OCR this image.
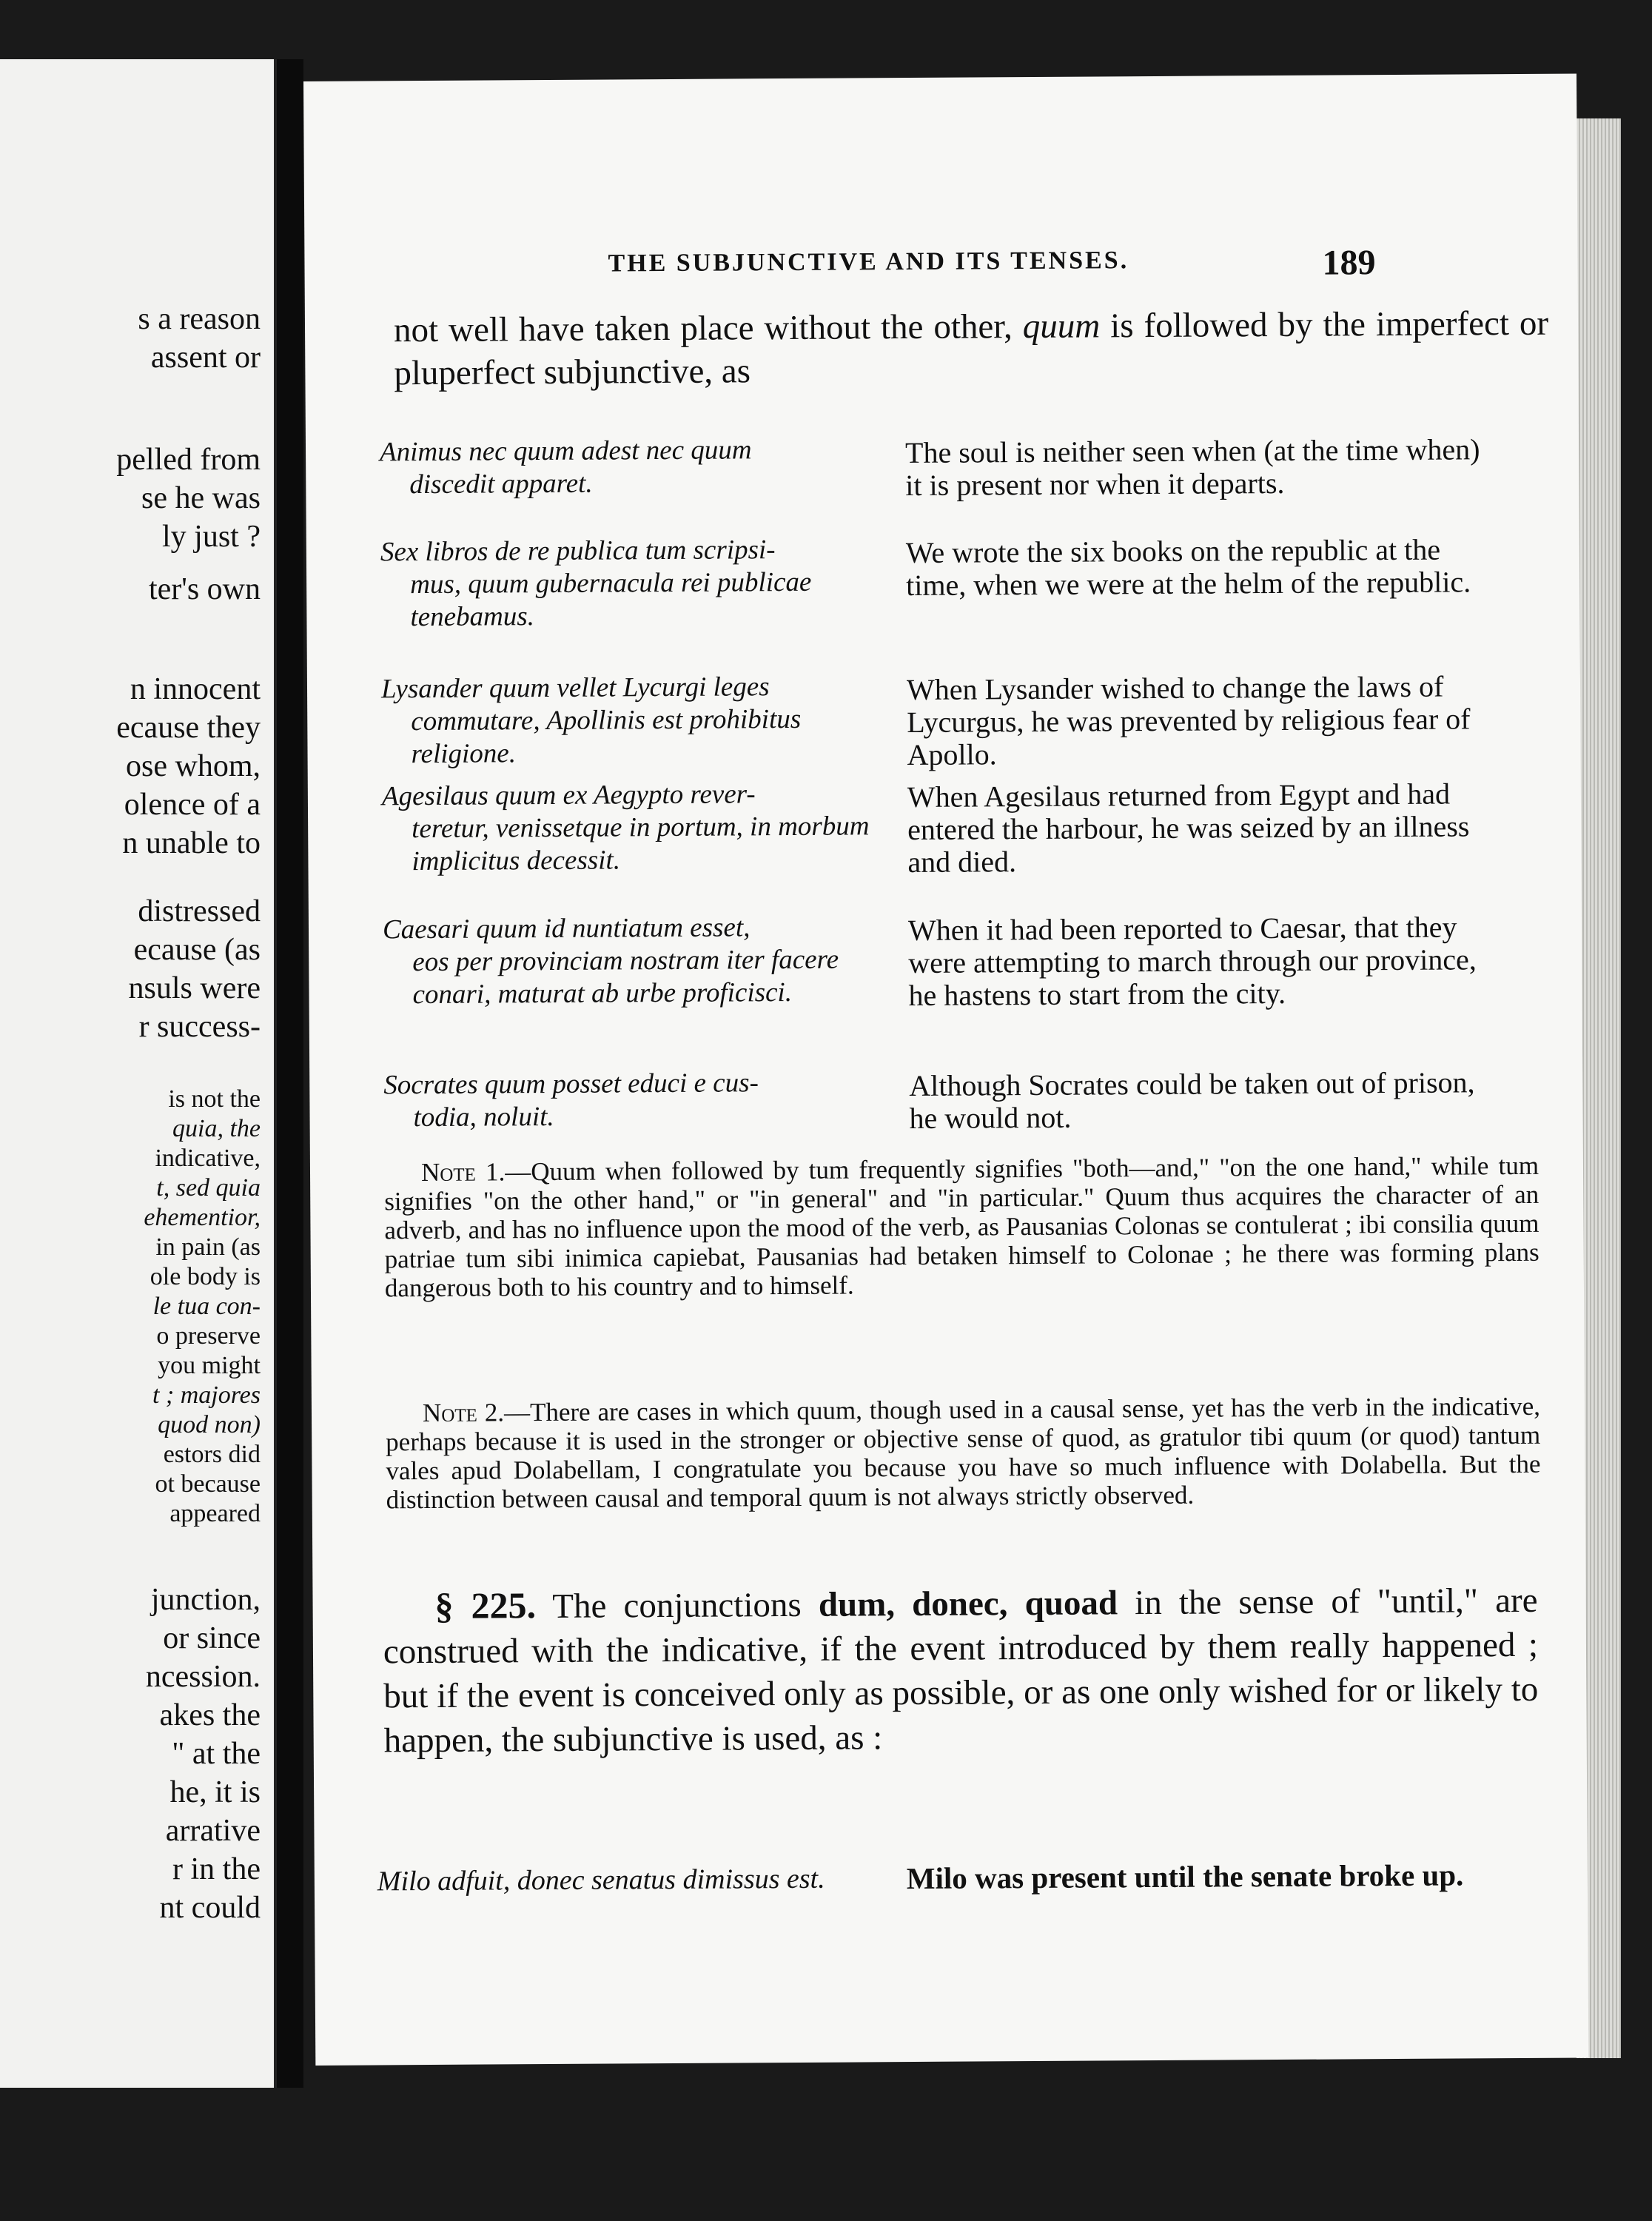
s a reason
assent or
pelled from
se he was
ly just ?
ter's own
n innocent
ecause they
ose whom,
olence of a
n unable to
distressed
ecause (as
nsuls were
r success-
is not the
quia, the
indicative,
t, sed quia
ehementior,
in pain (as
ole body is
le tua con-
o preserve
you might
t ; majores
quod non)
estors did
ot because
appeared
junction,
or since
ncession.
akes the
" at the
he, it is
arrative
r in the
nt could
THE SUBJUNCTIVE AND ITS TENSES.	189
not well have taken place without the other, quum is followed by the imperfect or pluperfect subjunctive, as
Animus nec quum adest nec quum
discedit apparet.
The soul is neither seen when (at the time when) it is present nor when it departs.
Sex libros de re publica tum scripsi-
mus, quum gubernacula rei publicae tenebamus.
We wrote the six books on the republic at the time, when we were at the helm of the republic.
Lysander quum vellet Lycurgi leges
commutare, Apollinis est prohibitus religione.
When Lysander wished to change the laws of Lycurgus, he was prevented by religious fear of Apollo.
Agesilaus quum ex Aegypto rever-
teretur, venissetque in portum, in morbum implicitus decessit.
When Agesilaus returned from Egypt and had entered the harbour, he was seized by an illness and died.
Caesari quum id nuntiatum esset,
eos per provinciam nostram iter facere conari, maturat ab urbe proficisci.
When it had been reported to Caesar, that they were attempting to march through our province, he hastens to start from the city.
Socrates quum posset educi e cus-
todia, noluit.
Although Socrates could be taken out of prison, he would not.
Note 1.—Quum when followed by tum frequently signifies "both—and," "on the one hand," while tum signifies "on the other hand," or "in general" and "in particular." Quum thus acquires the character of an adverb, and has no influence upon the mood of the verb, as Pausanias Colonas se contulerat ; ibi consilia quum patriae tum sibi inimica capiebat, Pausanias had betaken himself to Colonae ; he there was forming plans dangerous both to his country and to himself.
Note 2.—There are cases in which quum, though used in a causal sense, yet has the verb in the indicative, perhaps because it is used in the stronger or objective sense of quod, as gratulor tibi quum (or quod) tantum vales apud Dolabellam, I congratulate you because you have so much influence with Dolabella. But the distinction between causal and temporal quum is not always strictly observed.
§ 225. The conjunctions dum, donec, quoad in the sense of "until," are construed with the indicative, if the event introduced by them really happened ; but if the event is conceived only as possible, or as one only wished for or likely to happen, the subjunctive is used, as :
Milo adfuit, donec senatus dimissus est.	Milo was present until the senate broke up.
